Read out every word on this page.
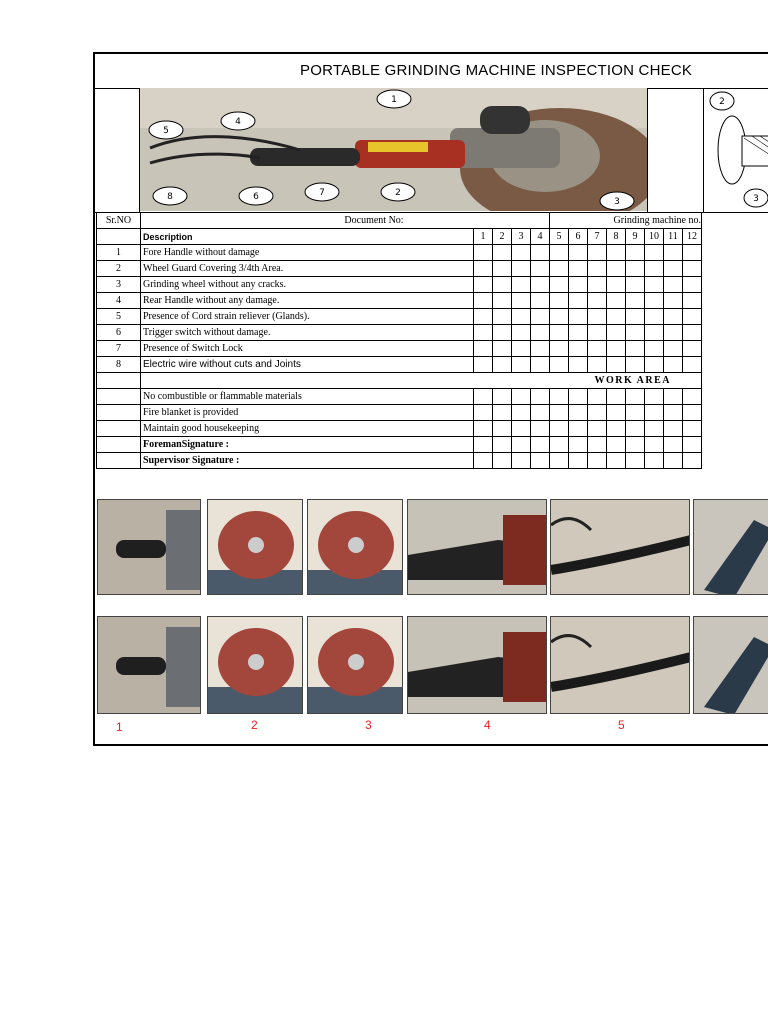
PORTABLE GRINDING MACHINE INSPECTION CHECK
1
2
3
4
5
6	7
8
2
3
Sr.NO	Document No:					Grinding machine no.							
	Description	1	2	3	4	5	6	7	8	9	10	11	12
1	Fore Handle without damage												
2	Wheel Guard Covering 3/4th Area.												
3	Grinding wheel without any cracks.												
4	Rear Handle without any damage.												
5	Presence of Cord strain reliever (Glands).												
6	Trigger switch without damage.												
7	Presence of Switch Lock												
8	Electric wire without cuts and Joints												
	WORK AREA												
	No combustible or flammable materials												
	Fire blanket is provided												
	Maintain good housekeeping												
	ForemanSignature :												
	Supervisor Signature :												
1	2	3	4	5
